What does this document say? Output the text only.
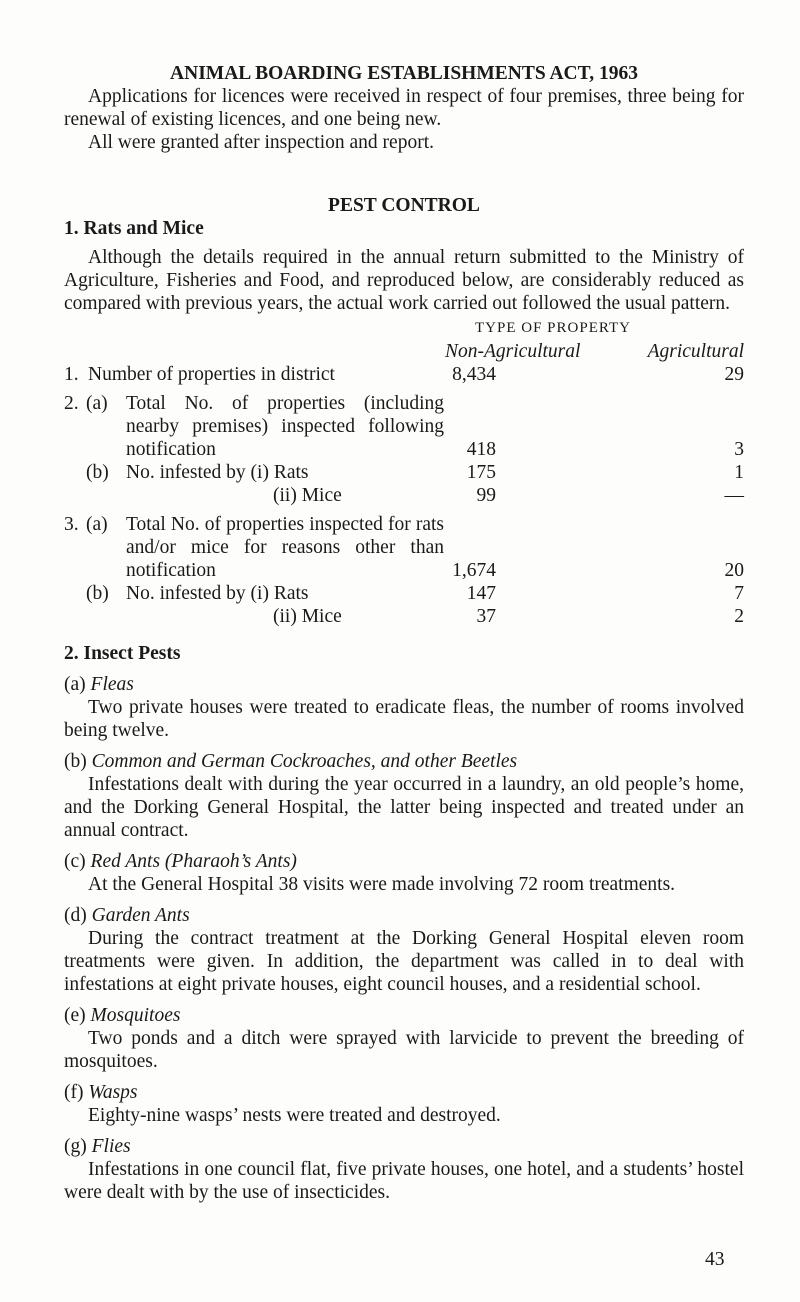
ANIMAL BOARDING ESTABLISHMENTS ACT, 1963

Applications for licences were received in respect of four premises, three being for renewal of existing licences, and one being new.

All were granted after inspection and report.

PEST CONTROL

1. Rats and Mice

Although the details required in the annual return submitted to the Ministry of Agriculture, Fisheries and Food, and reproduced below, are considerably reduced as compared with previous years, the actual work carried out followed the usual pattern.

TYPE OF PROPERTY
Non-Agricultural	Agricultural
1. Number of properties in district	8,434	29
2. (a) Total No. of properties (including nearby premises) inspected following notification	418	3
(b) No. infested by (i) Rats	175	1
(ii) Mice	99	—
3. (a) Total No. of properties inspected for rats and/or mice for reasons other than notification	1,674	20
(b) No. infested by (i) Rats	147	7
(ii) Mice	37	2

2. Insect Pests

(a) Fleas

Two private houses were treated to eradicate fleas, the number of rooms involved being twelve.

(b) Common and German Cockroaches, and other Beetles

Infestations dealt with during the year occurred in a laundry, an old people’s home, and the Dorking General Hospital, the latter being inspected and treated under an annual contract.

(c) Red Ants (Pharaoh’s Ants)

At the General Hospital 38 visits were made involving 72 room treatments.

(d) Garden Ants

During the contract treatment at the Dorking General Hospital eleven room treatments were given. In addition, the department was called in to deal with infestations at eight private houses, eight council houses, and a residential school.

(e) Mosquitoes

Two ponds and a ditch were sprayed with larvicide to prevent the breeding of mosquitoes.

(f) Wasps

Eighty-nine wasps’ nests were treated and destroyed.

(g) Flies

Infestations in one council flat, five private houses, one hotel, and a students’ hostel were dealt with by the use of insecticides.

43
